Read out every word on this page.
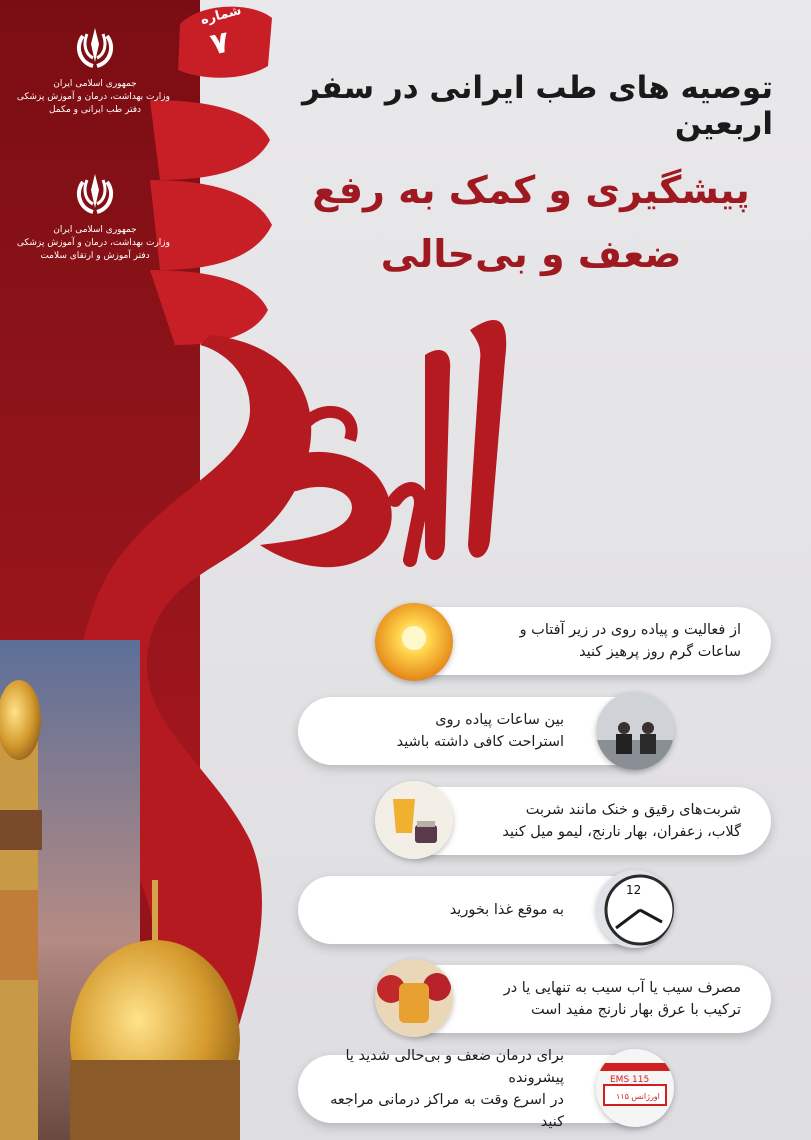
جمهوری اسلامی ایران
وزارت بهداشت، درمان و آموزش پزشکی
دفتر طب ایرانی و مکمل
جمهوری اسلامی ایران
وزارت بهداشت، درمان و آموزش پزشکی
دفتر آموزش و ارتقای سلامت
شماره
۷
توصیه های طب ایرانی در سفر اربعین
پیشگیری و کمک به رفع
ضعف و بی‌حالی
از فعالیت و پیاده روی در زیر آفتاب و
ساعات گرم روز پرهیز کنید
بین ساعات پیاده روی
استراحت کافی داشته باشید
شربت‌های رقیق و خنک مانند شربت
گلاب، زعفران، بهار نارنج، لیمو میل کنید
به موقع غذا بخورید
12
مصرف سیب یا آب سیب به تنهایی یا در
ترکیب با عرق بهار نارنج مفید است
برای درمان ضعف و بی‌حالی شدید یا پیشرونده
در اسرع وقت به مراکز درمانی مراجعه کنید
EMS 115
اورژانس ۱۱۵
